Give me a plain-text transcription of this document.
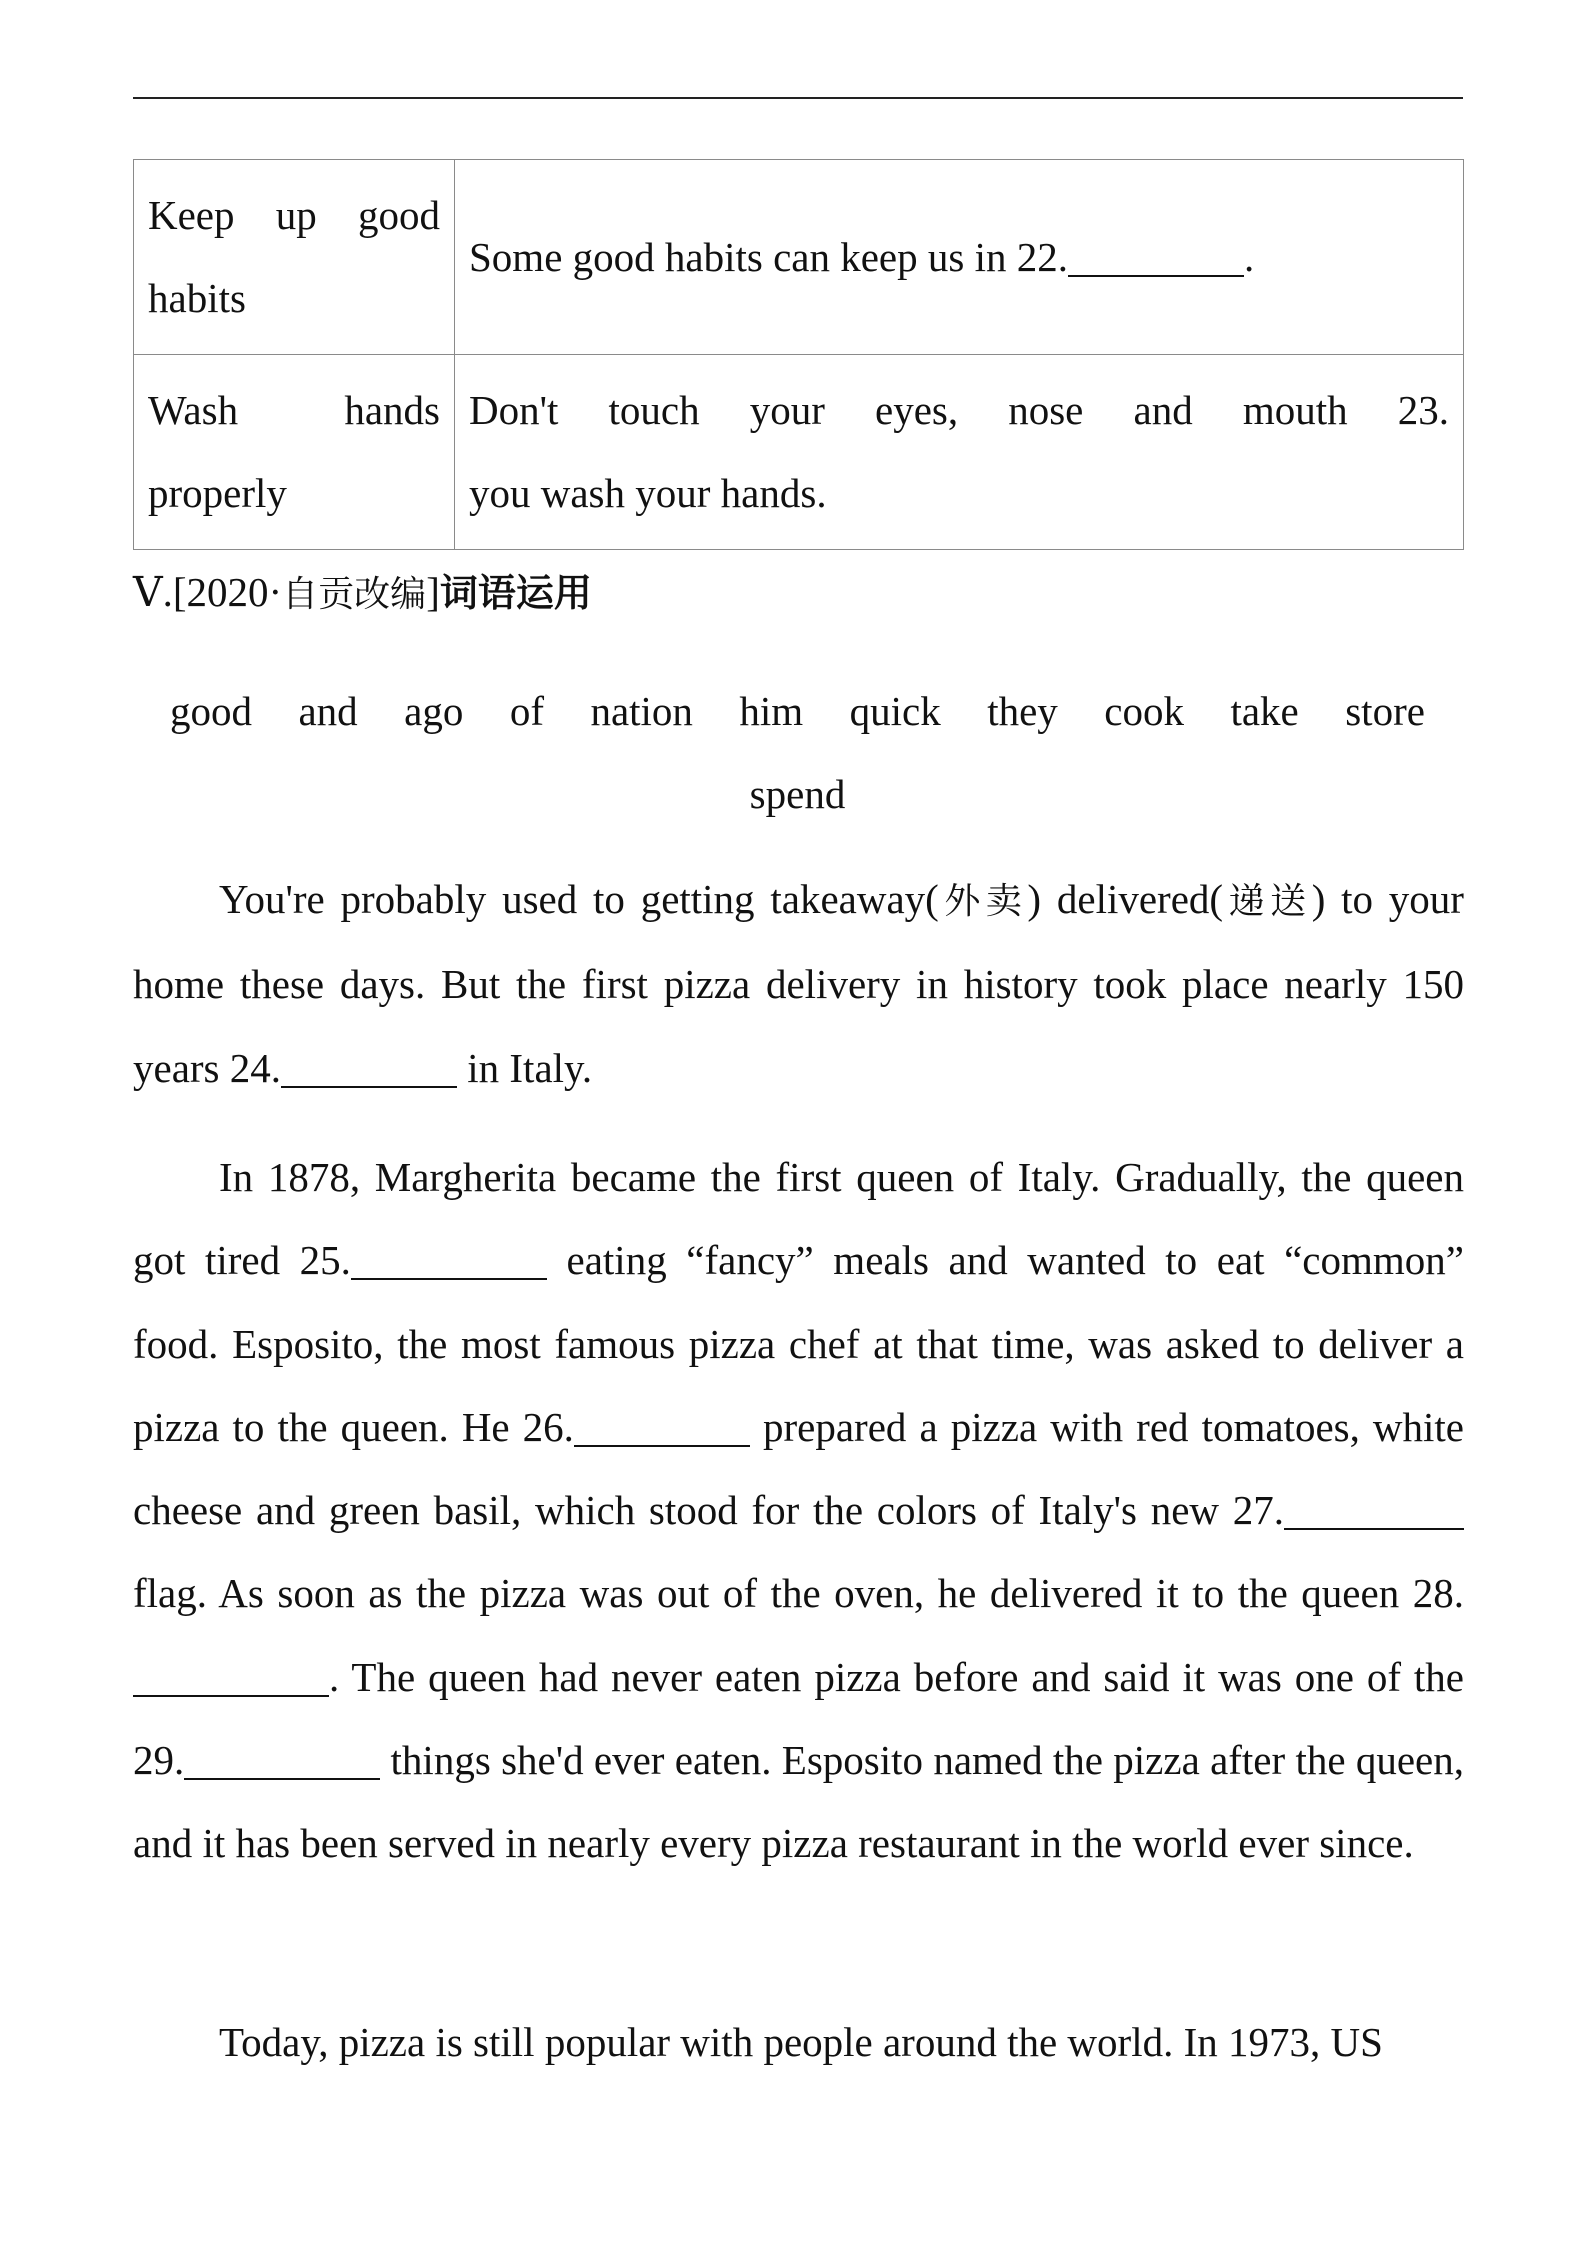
Keep up good
habits	Some good habits can keep us in 22. .

Wash hands
properly	Don't touch your eyes, nose and mouth 23.
you wash your hands.
Ⅴ.[2020·自贡改编]词语运用
good and ago of nation him quick they cook take store
spend

You're probably used to getting takeaway(外卖) delivered(递送) to your home these days. But the first pizza delivery in history took place nearly 150 years 24.	in Italy.

In 1878, Margherita became the first queen of Italy. Gradually, the queen got tired 25.	eating “fancy” meals and wanted to eat “common” food. Esposito, the most famous pizza chef at that time, was asked to deliver a pizza to the queen. He 26.	prepared a pizza with red tomatoes, white cheese and green basil, which stood for the colors of Italy's new 27. flag. As soon as the pizza was out of the oven, he delivered it to the queen 28.. The queen had never eaten pizza before and said it was one of the 29.	things she'd ever eaten. Esposito named the pizza after the queen, and it has been served in nearly every pizza restaurant in the world ever since.

Today, pizza is still popular with people around the world. In 1973, US
